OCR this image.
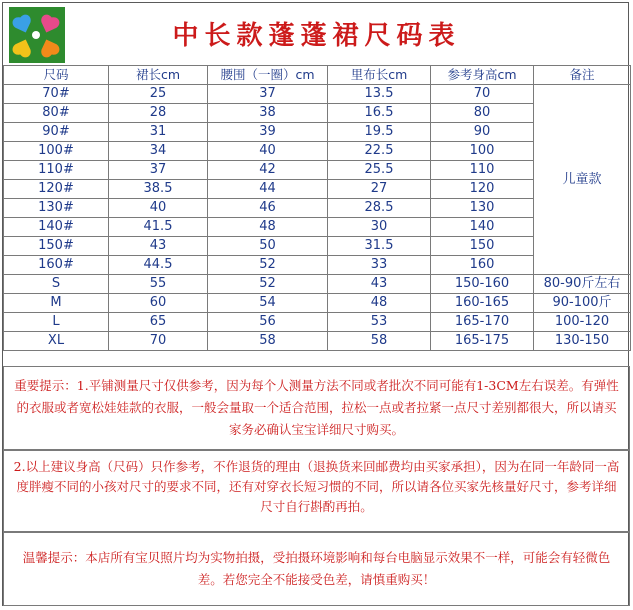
中长款蓬蓬裙尺码表
尺码	裙长cm	腰围（一圈）cm	里布长cm	参考身高cm	备注
70#	25	37	13.5	70	儿童款
80#	28	38	16.5	80	
90#	31	39	19.5	90	
100#	34	40	22.5	100	
110#	37	42	25.5	110	
120#	38.5	44	27	120	
130#	40	46	28.5	130	
140#	41.5	48	30	140	
150#	43	50	31.5	150	
160#	44.5	52	33	160	
S	55	52	43	150-160	80-90斤左右
M	60	54	48	160-165	90-100斤
L	65	56	53	165-170	100-120
XL	70	58	58	165-175	130-150
重要提示：1.平铺测量尺寸仅供参考，因为每个人测量方法不同或者批次不同可能有1-3CM左右误差。有弹性的衣服或者宽松娃娃款的衣服，一般会量取一个适合范围，拉松一点或者拉紧一点尺寸差别都很大，所以请买家务必确认宝宝详细尺寸购买。
2.以上建议身高（尺码）只作参考，不作退货的理由（退换货来回邮费均由买家承担），因为在同一年龄同一高度胖瘦不同的小孩对尺寸的要求不同，还有对穿衣长短习惯的不同，所以请各位买家先核量好尺寸，参考详细尺寸自行斟酌再拍。
温馨提示：本店所有宝贝照片均为实物拍摄，受拍摄环境影响和每台电脑显示效果不一样，可能会有轻微色差。若您完全不能接受色差，请慎重购买！
